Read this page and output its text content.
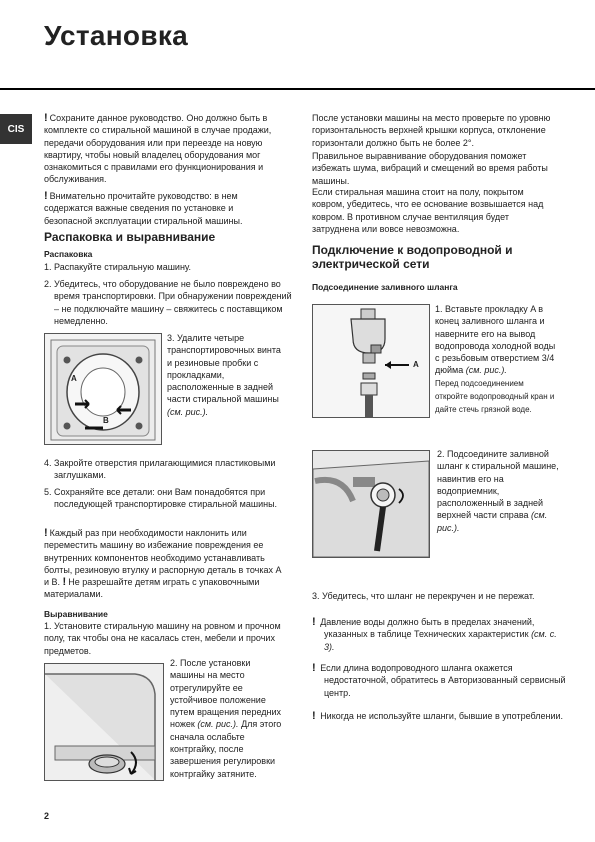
Установка
CIS
! Сохраните данное руководство. Оно должно быть в комплекте со стиральной машиной в случае продажи, передачи оборудования или при переезде на новую квартиру, чтобы новый владелец оборудования мог ознакомиться с правилами его функционирования и обслуживания.
! Внимательно прочитайте руководство: в нем содержатся важные сведения по установке и безопасной эксплуатации стиральной машины.
Распаковка и выравнивание
Распаковка
1. Распакуйте стиральную машину.
2. Убедитесь, что оборудование не было повреждено во время транспортировки. При обнаружении повреждений – не подключайте машину – свяжитесь с поставщиком немедленно.
A
B
3. Удалите четыре транспортировочных винта и резиновые пробки с прокладками, расположенные в задней части стиральной машины (см. рис.).
4. Закройте отверстия прилагающимися пластиковыми заглушками.
5. Сохраняйте все детали: они Вам понадобятся при последующей транспортировке стиральной машины.
! Каждый раз при необходимости наклонить или переместить машину во избежание повреждения ее внутренних компонентов необходимо устанавливать болты, резиновую втулку и распорную деталь в точках A и B. ! Не разрешайте детям играть с упаковочными материалами.
Выравнивание
1. Установите стиральную машину на ровном и прочном полу, так чтобы она не касалась стен, мебели и прочих предметов.
2. После установки машины на место отрегулируйте ее устойчивое положение путем вращения передних ножек (см. рис.). Для этого сначала ослабьте контргайку, после завершения регулировки контргайку затяните.
После установки машины на место проверьте по уровню горизонтальность верхней крышки корпуса, отклонение горизонтали должно быть не более 2°.
Правильное выравнивание оборудования поможет избежать шума, вибраций и смещений во время работы машины.
Если стиральная машина стоит на полу, покрытом ковром, убедитесь, что ее основание возвышается над ковром. В противном случае вентиляция будет затруднена или вовсе невозможна.
Подключение к водопроводной и электрической сети
Подсоединение заливного шланга
A
1. Вставьте прокладку A в конец заливного шланга и наверните его на вывод водопровода холодной воды с резьбовым отверстием 3/4 дюйма (см. рис.).
Перед подсоединением откройте водопроводный кран и дайте стечь грязной воде.
2. Подсоедините заливной шланг к стиральной машине, навинтив его на водоприемник, расположенный в задней верхней части справа (см. рис.).
3. Убедитесь, что шланг не перекручен и не пережат.
! Давление воды должно быть в пределах значений, указанных в таблице Технических характеристик (см. с. 3).
! Если длина водопроводного шланга окажется недостаточной, обратитесь в Авторизованный сервисный центр.
! Никогда не используйте шланги, бывшие в употреблении.
2
